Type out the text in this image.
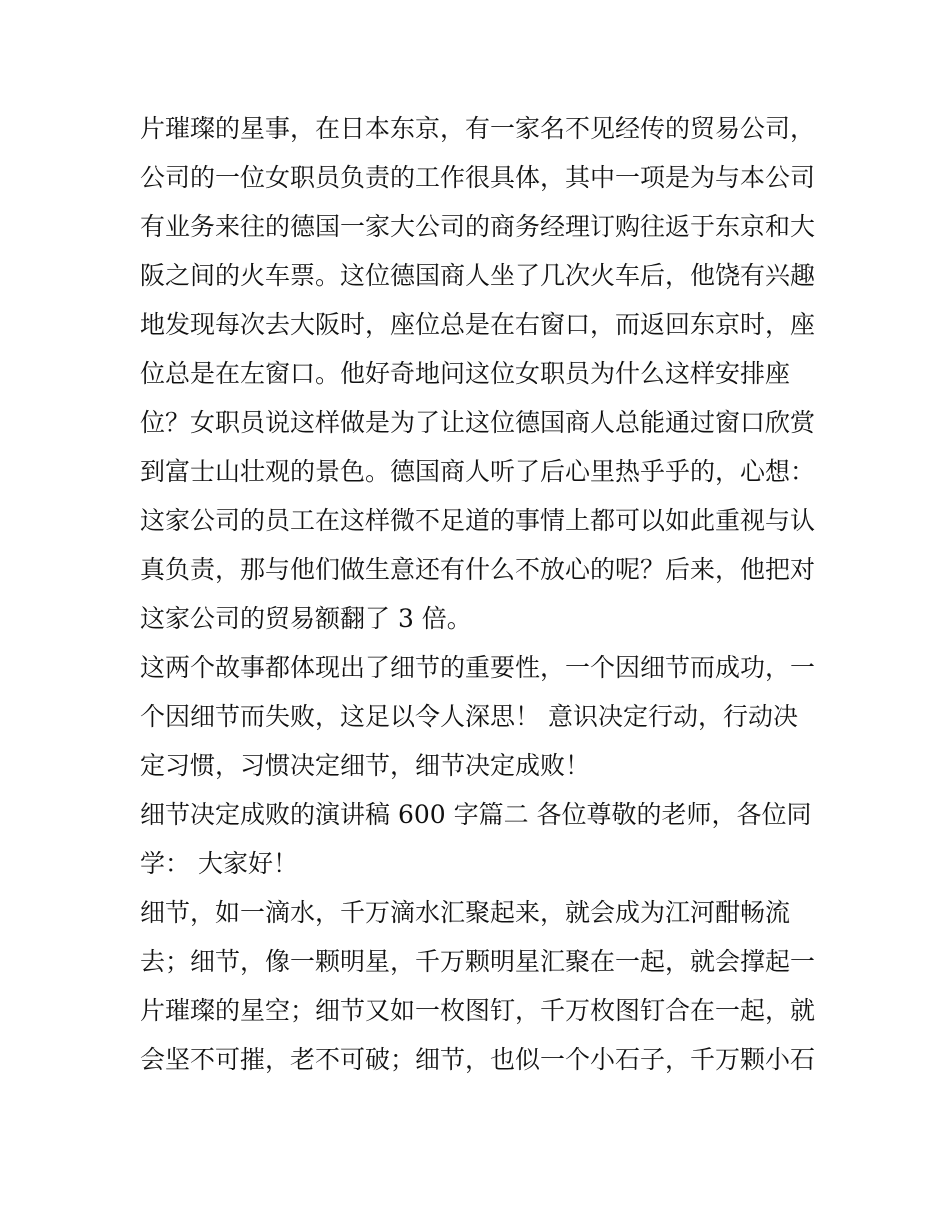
片璀璨的星事，在日本东京，有一家名不见经传的贸易公司，
公司的一位女职员负责的工作很具体，其中一项是为与本公司
有业务来往的德国一家大公司的商务经理订购往返于东京和大
阪之间的火车票。这位德国商人坐了几次火车后，他饶有兴趣
地发现每次去大阪时，座位总是在右窗口，而返回东京时，座
位总是在左窗口。他好奇地问这位女职员为什么这样安排座
位？女职员说这样做是为了让这位德国商人总能通过窗口欣赏
到富士山壮观的景色。德国商人听了后心里热乎乎的，心想：
这家公司的员工在这样微不足道的事情上都可以如此重视与认
真负责，那与他们做生意还有什么不放心的呢？后来，他把对
这家公司的贸易额翻了 3 倍。
这两个故事都体现出了细节的重要性，一个因细节而成功，一
个因细节而失败，这足以令人深思！ 意识决定行动，行动决
定习惯，习惯决定细节，细节决定成败！
细节决定成败的演讲稿 600 字篇二 各位尊敬的老师，各位同
学： 大家好！
细节，如一滴水，千万滴水汇聚起来，就会成为江河酣畅流
去；细节，像一颗明星，千万颗明星汇聚在一起，就会撑起一
片璀璨的星空；细节又如一枚图钉，千万枚图钉合在一起，就
会坚不可摧，老不可破；细节，也似一个小石子，千万颗小石
